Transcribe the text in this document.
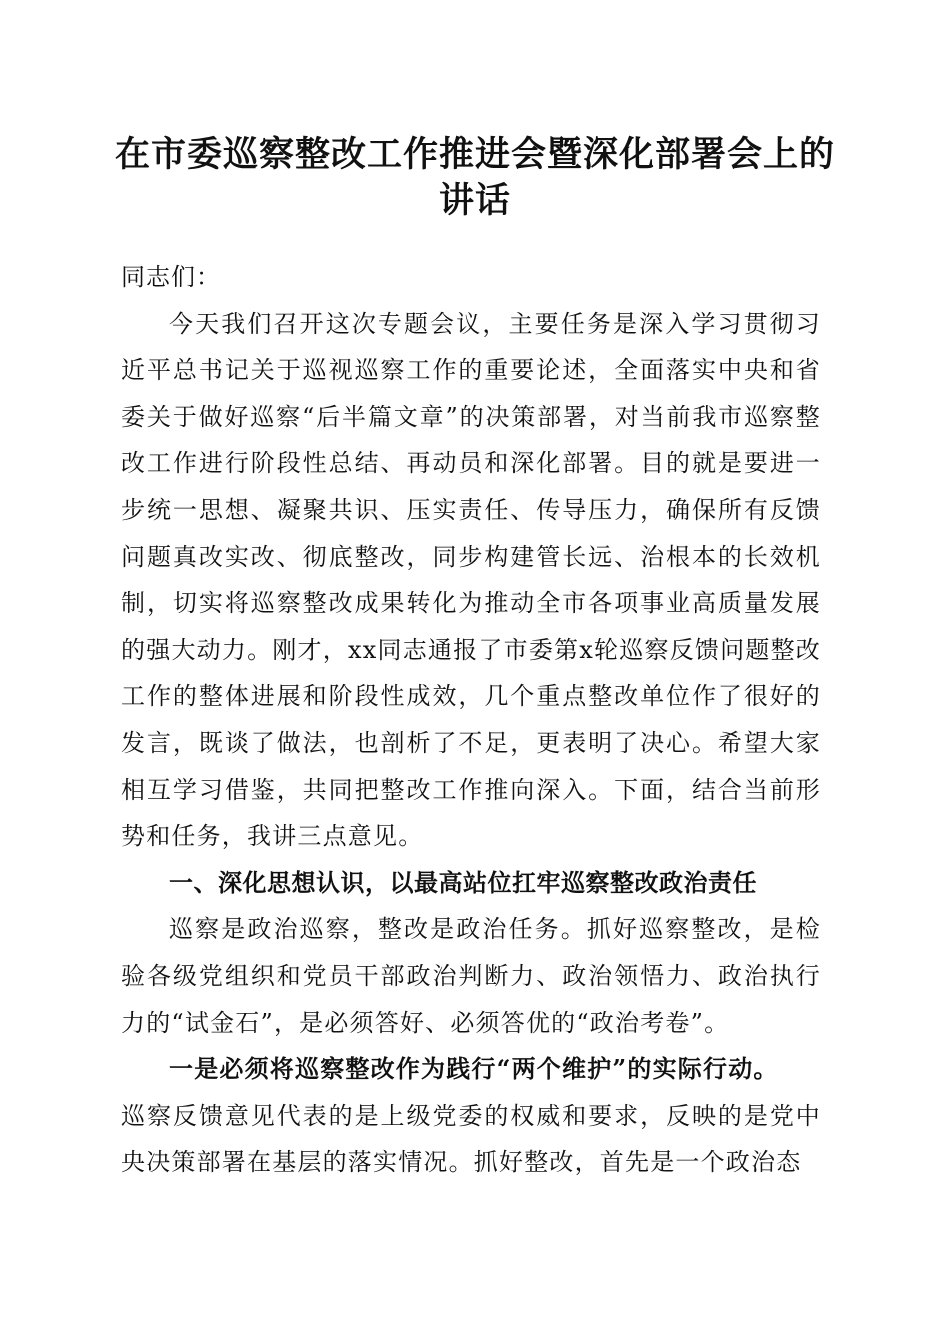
在市委巡察整改工作推进会暨深化部署会上的
讲话

同志们：

今天我们召开这次专题会议，主要任务是深入学习贯彻习近平总书记关于巡视巡察工作的重要论述，全面落实中央和省委关于做好巡察“后半篇文章”的决策部署，对当前我市巡察整改工作进行阶段性总结、再动员和深化部署。目的就是要进一步统一思想、凝聚共识、压实责任、传导压力，确保所有反馈问题真改实改、彻底整改，同步构建管长远、治根本的长效机制，切实将巡察整改成果转化为推动全市各项事业高质量发展的强大动力。刚才，xx同志通报了市委第x轮巡察反馈问题整改工作的整体进展和阶段性成效，几个重点整改单位作了很好的发言，既谈了做法，也剖析了不足，更表明了决心。希望大家相互学习借鉴，共同把整改工作推向深入。下面，结合当前形势和任务，我讲三点意见。

一、深化思想认识，以最高站位扛牢巡察整改政治责任

巡察是政治巡察，整改是政治任务。抓好巡察整改，是检验各级党组织和党员干部政治判断力、政治领悟力、政治执行力的“试金石”，是必须答好、必须答优的“政治考卷”。

一是必须将巡察整改作为践行“两个维护”的实际行动。

巡察反馈意见代表的是上级党委的权威和要求，反映的是党中央决策部署在基层的落实情况。抓好整改，首先是一个政治态
